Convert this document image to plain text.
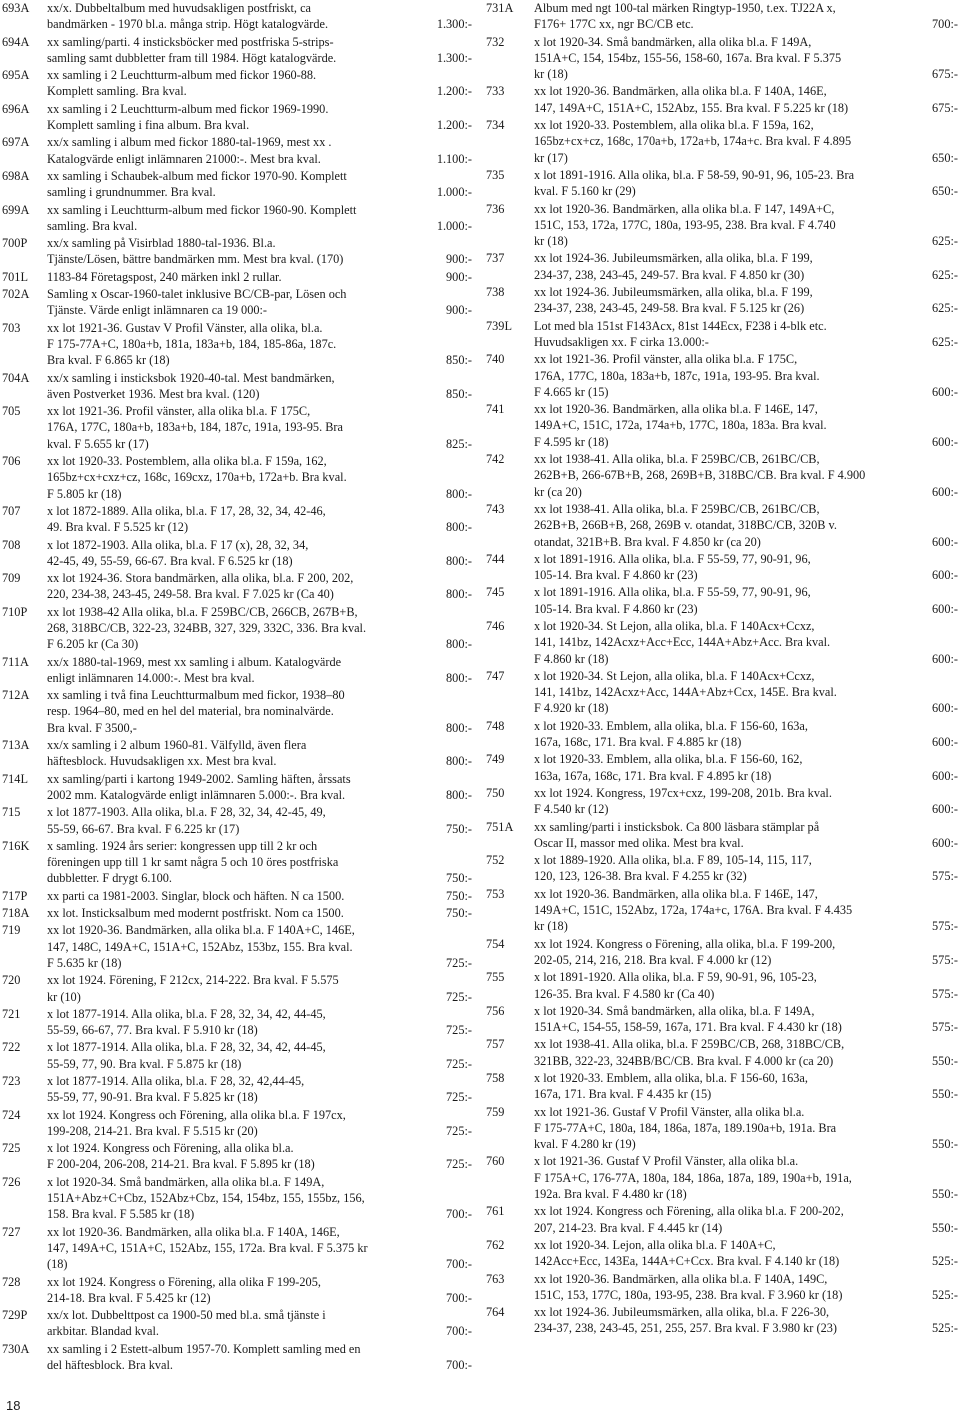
693A	xx/x. Dubbeltalbum med huvudsakligen postfriskt, ca
bandmärken - 1970 bl.a. många strip. Högt katalogvärde.	1.300:-
694A	xx samling/parti. 4 insticksböcker med postfriska 5-strips-
samling samt dubbletter fram till 1984. Högt katalogvärde.	1.300:-
695A	xx samling i 2 Leuchtturm-album med fickor 1960-88.
Komplett samling. Bra kval.	1.200:-
696A	xx samling i 2 Leuchtturm-album med fickor 1969-1990.
Komplett samling i fina album. Bra kval.	1.200:-
697A	xx/x samling i album med fickor 1880-tal-1969, mest xx .
Katalogvärde enligt inlämnaren 21000:-. Mest bra kval.	1.100:-
698A	xx samling i Schaubek-album med fickor 1970-90. Komplett
samling i grundnummer. Bra kval.	1.000:-
699A	xx samling i Leuchtturm-album med fickor 1960-90. Komplett
samling. Bra kval.	1.000:-
700P	xx/x samling på Visirblad 1880-tal-1936. Bl.a.
Tjänste/Lösen, bättre bandmärken mm. Mest bra kval. (170)	900:-
701L	1183-84 Företagspost, 240 märken inkl 2 rullar.	900:-
702A	Samling x Oscar-1960-talet inklusive BC/CB-par, Lösen och
Tjänste. Värde enligt inlämnaren ca 19 000:-	900:-
703	xx lot 1921-36. Gustav V Profil Vänster, alla olika, bl.a.
F 175-77A+C, 180a+b, 181a, 183a+b, 184, 185-86a, 187c.
Bra kval. F 6.865 kr (18)	850:-
704A	xx/x samling i insticksbok 1920-40-tal. Mest bandmärken,
även Postverket 1936. Mest bra kval. (120)	850:-
705	xx lot 1921-36. Profil vänster, alla olika bl.a. F 175C,
176A, 177C, 180a+b, 183a+b, 184, 187c, 191a, 193-95. Bra
kval. F 5.655 kr (17)	825:-
706	xx lot 1920-33. Postemblem, alla olika bl.a. F 159a, 162,
165bz+cx+cxz+cz, 168c, 169cxz, 170a+b, 172a+b. Bra kval.
F 5.805 kr (18)	800:-
707	x lot 1872-1889. Alla olika, bl.a. F 17, 28, 32, 34, 42-46,
49. Bra kval. F 5.525 kr (12)	800:-
708	x lot 1872-1903. Alla olika, bl.a. F 17 (x), 28, 32, 34,
42-45, 49, 55-59, 66-67. Bra kval. F 6.525 kr (18)	800:-
709	xx lot 1924-36. Stora bandmärken, alla olika, bl.a. F 200, 202,
220, 234-38, 243-45, 249-58. Bra kval. F 7.025 kr (Ca 40)	800:-
710P	xx lot 1938-42 Alla olika, bl.a. F 259BC/CB, 266CB, 267B+B,
268, 318BC/CB, 322-23, 324BB, 327, 329, 332C, 336. Bra kval.
F 6.205 kr (Ca 30)	800:-
711A	xx/x 1880-tal-1969, mest xx samling i album. Katalogvärde
enligt inlämnaren 14.000:-. Mest bra kval.	800:-
712A	xx samling i två fina Leuchtturmalbum med fickor, 1938–80
resp. 1964–80, med en hel del material, bra nominalvärde.
Bra kval. F 3500,-	800:-
713A	xx/x samling i 2 album 1960-81. Välfylld, även flera
häftesblock. Huvudsakligen xx. Mest bra kval.	800:-
714L	xx samling/parti i kartong 1949-2002. Samling häften, årssats
2002 mm. Katalogvärde enligt inlämnaren 5.000:-. Bra kval.	800:-
715	x lot 1877-1903. Alla olika, bl.a. F 28, 32, 34, 42-45, 49,
55-59, 66-67. Bra kval. F 6.225 kr (17)	750:-
716K	x samling. 1924 års serier: kongressen upp till 2 kr och
föreningen upp till 1 kr samt några 5 och 10 öres postfriska
dubbletter. F drygt 6.100.	750:-
717P	xx parti ca 1981-2003. Singlar, block och häften. N ca 1500.	750:-
718A	xx lot. Insticksalbum med modernt postfriskt. Nom ca 1500.	750:-
719	xx lot 1920-36. Bandmärken, alla olika bl.a. F 140A+C, 146E,
147, 148C, 149A+C, 151A+C, 152Abz, 153bz, 155. Bra kval.
F 5.635 kr (18)	725:-
720	xx lot 1924. Förening, F 212cx, 214-222. Bra kval. F 5.575
kr (10)	725:-
721	x lot 1877-1914. Alla olika, bl.a. F 28, 32, 34, 42, 44-45,
55-59, 66-67, 77. Bra kval. F 5.910 kr (18)	725:-
722	x lot 1877-1914. Alla olika, bl.a. F 28, 32, 34, 42, 44-45,
55-59, 77, 90. Bra kval. F 5.875 kr (18)	725:-
723	x lot 1877-1914. Alla olika, bl.a. F 28, 32, 42,44-45,
55-59, 77, 90-91. Bra kval. F 5.825 kr (18)	725:-
724	xx lot 1924. Kongress och Förening, alla olika bl.a. F 197cx,
199-208, 214-21. Bra kval. F 5.515 kr (20)	725:-
725	x lot 1924. Kongress och Förening, alla olika bl.a.
F 200-204, 206-208, 214-21. Bra kval. F 5.895 kr (18)	725:-
726	x lot 1920-34. Små bandmärken, alla olika bl.a. F 149A,
151A+Abz+C+Cbz, 152Abz+Cbz, 154, 154bz, 155, 155bz, 156,
158. Bra kval. F 5.585 kr (18)	700:-
727	xx lot 1920-36. Bandmärken, alla olika bl.a. F 140A, 146E,
147, 149A+C, 151A+C, 152Abz, 155, 172a. Bra kval. F 5.375 kr
(18)	700:-
728	xx lot 1924. Kongress o Förening, alla olika F 199-205,
214-18. Bra kval. F 5.425 kr (12)	700:-
729P	xx/x lot. Dubbelttpost ca 1900-50 med bl.a. små tjänste i
arkbitar. Blandad kval.	700:-
730A	xx samling i 2 Estett-album 1957-70. Komplett samling med en
del häftesblock. Bra kval.	700:-
731A	Album med ngt 100-tal märken Ringtyp-1950, t.ex. TJ22A x,
F176+ 177C xx, ngr BC/CB etc.	700:-
732	x lot 1920-34. Små bandmärken, alla olika bl.a. F 149A,
151A+C, 154, 154bz, 155-56, 158-60, 167a. Bra kval. F 5.375
kr (18)	675:-
733	xx lot 1920-36. Bandmärken, alla olika bl.a. F 140A, 146E,
147, 149A+C, 151A+C, 152Abz, 155. Bra kval. F 5.225 kr (18)	675:-
734	xx lot 1920-33. Postemblem, alla olika bl.a. F 159a, 162,
165bz+cx+cz, 168c, 170a+b, 172a+b, 174a+c. Bra kval. F 4.895
kr (17)	650:-
735	x lot 1891-1916. Alla olika, bl.a. F 58-59, 90-91, 96, 105-23. Bra
kval. F 5.160 kr (29)	650:-
736	xx lot 1920-36. Bandmärken, alla olika bl.a. F 147, 149A+C,
151C, 153, 172a, 177C, 180a, 193-95, 238. Bra kval. F 4.740
kr (18)	625:-
737	xx lot 1924-36. Jubileumsmärken, alla olika, bl.a. F 199,
234-37, 238, 243-45, 249-57. Bra kval. F 4.850 kr (30)	625:-
738	xx lot 1924-36. Jubileumsmärken, alla olika, bl.a. F 199,
234-37, 238, 243-45, 249-58. Bra kval. F 5.125 kr (26)	625:-
739L	Lot med bla 151st F143Acx, 81st 144Ecx, F238 i 4-blk etc.
Huvudsakligen xx. F cirka 13.000:-	625:-
740	xx lot 1921-36. Profil vänster, alla olika bl.a. F 175C,
176A, 177C, 180a, 183a+b, 187c, 191a, 193-95. Bra kval.
F 4.665 kr (15)	600:-
741	xx lot 1920-36. Bandmärken, alla olika bl.a. F 146E, 147,
149A+C, 151C, 172a, 174a+b, 177C, 180a, 183a. Bra kval.
F 4.595 kr (18)	600:-
742	xx lot 1938-41. Alla olika, bl.a. F 259BC/CB, 261BC/CB,
262B+B, 266-67B+B, 268, 269B+B, 318BC/CB. Bra kval. F 4.900
kr (ca 20)	600:-
743	xx lot 1938-41. Alla olika, bl.a. F 259BC/CB, 261BC/CB,
262B+B, 266B+B, 268, 269B v. otandat, 318BC/CB, 320B v.
otandat, 321B+B. Bra kval. F 4.850 kr (ca 20)	600:-
744	x lot 1891-1916. Alla olika, bl.a. F 55-59, 77, 90-91, 96,
105-14. Bra kval. F 4.860 kr (23)	600:-
745	x lot 1891-1916. Alla olika, bl.a. F 55-59, 77, 90-91, 96,
105-14. Bra kval. F 4.860 kr (23)	600:-
746	x lot 1920-34. St Lejon, alla olika, bl.a. F 140Acx+Ccxz,
141, 141bz, 142Acxz+Acc+Ecc, 144A+Abz+Acc. Bra kval.
F 4.860 kr (18)	600:-
747	x lot 1920-34. St Lejon, alla olika, bl.a. F 140Acx+Ccxz,
141, 141bz, 142Acxz+Acc, 144A+Abz+Ccx, 145E. Bra kval.
F 4.920 kr (18)	600:-
748	x lot 1920-33. Emblem, alla olika, bl.a. F 156-60, 163a,
167a, 168c, 171. Bra kval. F 4.885 kr (18)	600:-
749	x lot 1920-33. Emblem, alla olika, bl.a. F 156-60, 162,
163a, 167a, 168c, 171. Bra kval. F 4.895 kr (18)	600:-
750	xx lot 1924. Kongress, 197cx+cxz, 199-208, 201b. Bra kval.
F 4.540 kr (12)	600:-
751A	xx samling/parti i insticksbok. Ca 800 läsbara stämplar på
Oscar II, massor med olika. Mest bra kval.	600:-
752	x lot 1889-1920. Alla olika, bl.a. F 89, 105-14, 115, 117,
120, 123, 126-38. Bra kval. F 4.255 kr (32)	575:-
753	xx lot 1920-36. Bandmärken, alla olika bl.a. F 146E, 147,
149A+C, 151C, 152Abz, 172a, 174a+c, 176A. Bra kval. F 4.435
kr (18)	575:-
754	xx lot 1924. Kongress o Förening, alla olika, bl.a. F 199-200,
202-05, 214, 216, 218. Bra kval. F 4.000 kr (12)	575:-
755	x lot 1891-1920. Alla olika, bl.a. F 59, 90-91, 96, 105-23,
126-35. Bra kval. F 4.580 kr (Ca 40)	575:-
756	x lot 1920-34. Små bandmärken, alla olika, bl.a. F 149A,
151A+C, 154-55, 158-59, 167a, 171. Bra kval. F 4.430 kr (18)	575:-
757	xx lot 1938-41. Alla olika, bl.a. F 259BC/CB, 268, 318BC/CB,
321BB, 322-23, 324BB/BC/CB. Bra kval. F 4.000 kr (ca 20)	550:-
758	x lot 1920-33. Emblem, alla olika, bl.a. F 156-60, 163a,
167a, 171. Bra kval. F 4.435 kr (15)	550:-
759	xx lot 1921-36. Gustaf V Profil Vänster, alla olika bl.a.
F 175-77A+C, 180a, 184, 186a, 187a, 189.190a+b, 191a. Bra
kval. F 4.280 kr (19)	550:-
760	x lot 1921-36. Gustaf V Profil Vänster, alla olika bl.a.
F 175A+C, 176-77A, 180a, 184, 186a, 187a, 189, 190a+b, 191a,
192a. Bra kval. F 4.480 kr (18)	550:-
761	xx lot 1924. Kongress och Förening, alla olika bl.a. F 200-202,
207, 214-23. Bra kval. F 4.445 kr (14)	550:-
762	xx lot 1920-34. Lejon, alla olika bl.a. F 140A+C,
142Acc+Ecc, 143Ea, 144A+C+Ccx. Bra kval. F 4.140 kr (18)	525:-
763	xx lot 1920-36. Bandmärken, alla olika bl.a. F 140A, 149C,
151C, 153, 177C, 180a, 193-95, 238. Bra kval. F 3.960 kr (18)	525:-
764	xx lot 1924-36. Jubileumsmärken, alla olika, bl.a. F 226-30,
234-37, 238, 243-45, 251, 255, 257. Bra kval. F 3.980 kr (23)	525:-
18
